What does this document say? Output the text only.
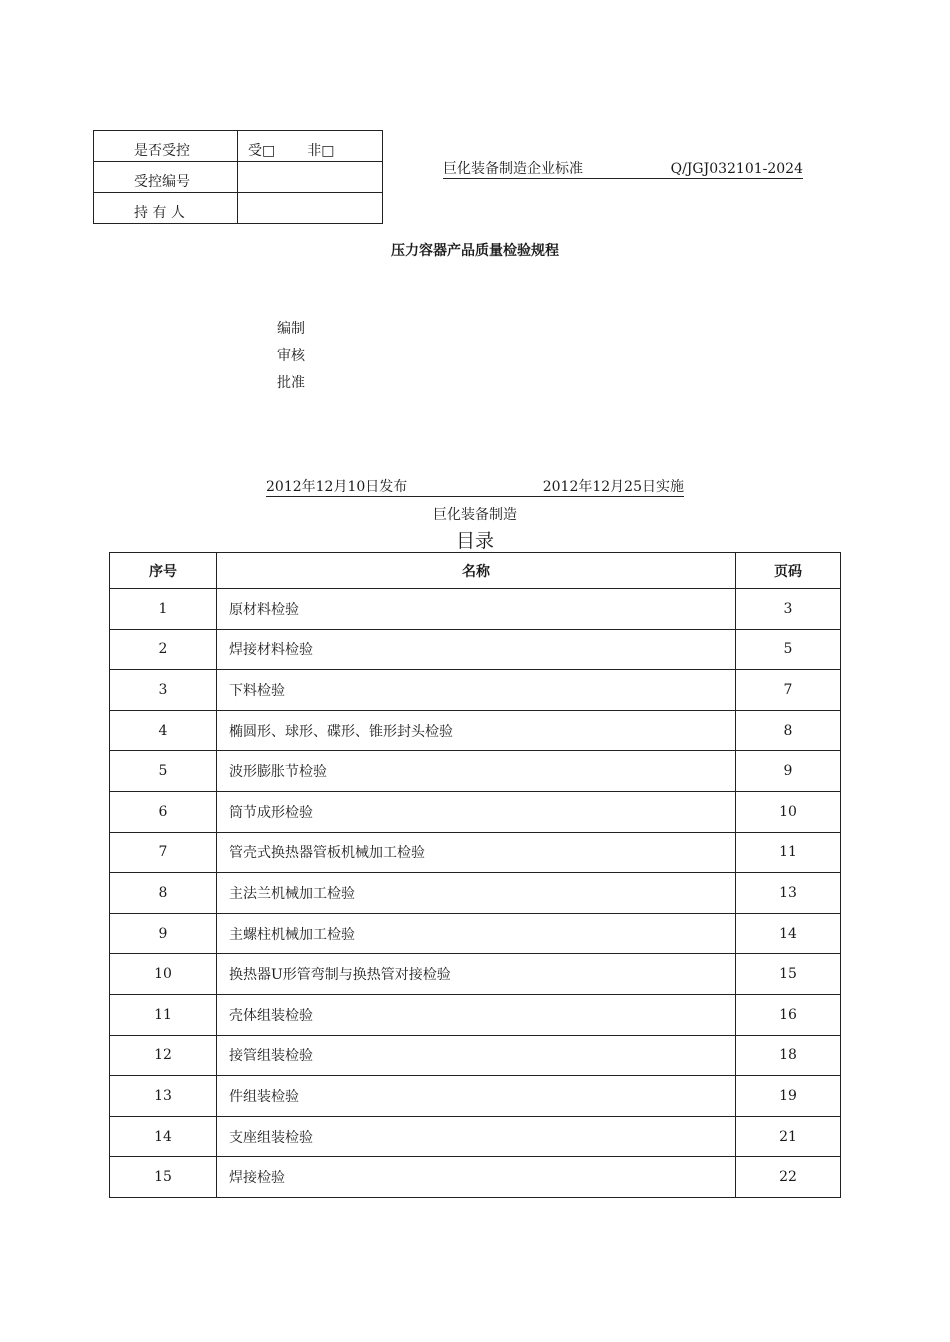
是否受控	受□ 非□
受控编号	
持 有 人	
巨化装备制造企业标准	Q/JGJ032101-2024
压力容器产品质量检验规程
编制
审核
批准
2012年12月10日发布	2012年12月25日实施
巨化装备制造
目录
序号	名称	页码
1	原材料检验	3
2	焊接材料检验	5
3	下料检验	7
4	椭圆形、球形、碟形、锥形封头检验	8
5	波形膨胀节检验	9
6	筒节成形检验	10
7	管壳式换热器管板机械加工检验	11
8	主法兰机械加工检验	13
9	主螺柱机械加工检验	14
10	换热器U形管弯制与换热管对接检验	15
11	壳体组装检验	16
12	接管组装检验	18
13	件组装检验	19
14	支座组装检验	21
15	焊接检验	22
